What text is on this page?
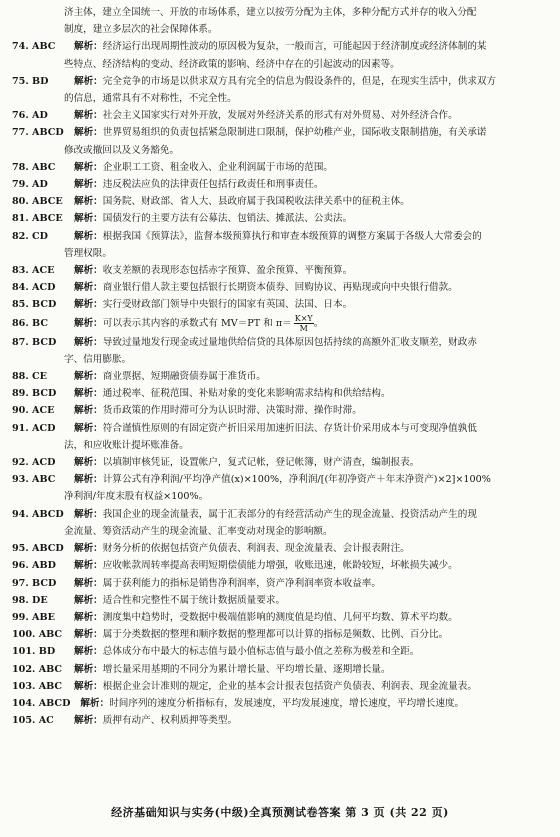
济主体，建立全国统一、开放的市场体系，建立以按劳分配为主体，多种分配方式并存的收入分配
制度，建立多层次的社会保障体系。
74. ABC 解析：经济运行出现周期性波动的原因极为复杂，一般而言，可能起因于经济制度或经济体制的某
些特点、经济结构的变动、经济政策的影响、经济中存在的引起波动的因素等。
75. BD	解析：完全竞争的市场是以供求双方具有完全的信息为假设条件的，但是，在现实生活中，供求双方
的信息，通常具有不对称性，不完全性。
76. AD	解析：社会主义国家实行对外开放，发展对外经济关系的形式有对外贸易、对外经济合作。
77. ABCD 解析：世界贸易组织的负责包括紧急限制进口限制，保护幼稚产业，国际收支限制措施，有关承诺
修改或撤回以及义务豁免。
78. ABC 解析：企业职工工资、租金收入、企业利润属于市场的范围。
79. AD	解析：违反税法应负的法律责任包括行政责任和刑事责任。
80. ABCE 解析：国务院、财政部、省人大、县政府属于我国税收法律关系中的征税主体。
81. ABCE 解析：国债发行的主要方法有公募法、包销法、摊派法、公卖法。
82. CD	解析：根据我国《预算法》，监督本级预算执行和审查本级预算的调整方案属于各级人大常委会的
管理权限。
83. ACE 解析：收支差额的表现形态包括赤字预算、盈余预算、平衡预算。
84. ACD 解析：商业银行借人款主要包括银行长期资本债券、回购协议、再贴现或向中央银行借款。
85. BCD 解析：实行受财政部门领导中央银行的国家有英国、法国、日本。
86. BC	解析：可以表示其内容的承数式有 MV＝PT 和 $\pi= \frac{K\times Y}{M}$ 。
87. BCD 解析：导致过量地发行现金或过量地供给信贷的具体原因包括持续的高额外汇收支顺差，财政赤
字、信用膨胀。
88. CE	解析：商业票据、短期融资债券属于准货币。
89. BCD 解析：通过税率、征税范围、补贴对象的变化来影响需求结构和供给结构。
90. ACE 解析：货币政策的作用时滞可分为认识时滞、决策时滞、操作时滞。
91. ACD 解析：符合谨慎性原则的有固定资产折旧采用加速折旧法、存货计价采用成本与可变现净值孰低
法，和应收账计提坏账准备。
92. ACD 解析：以填制审核凭证，设置帐户，复式记帐，登记帐簿，财产清查，编制报表。
93. ABC 解析：计算公式有净利润/平均净产值(x)×100%，净利润/[(年初净资产＋年末净资产)×2]×100%
净利润/年度末股有权益×100%。
94. ABCD 解析：我国企业的现金流量表，属于汇表部分的有经营活动产生的现金流量、投资活动产生的现
金流量、筹资活动产生的现金流量、汇率变动对现金的影响额。
95. ABCD 解析：财务分析的依据包括资产负债表、利润表、现金流量表、会计报表附注。
96. ABD 解析：应收帐款周转率提高表明短期偿债能力增强，收账迅速，帐龄较短，坏帐损失减少。
97. BCD 解析：属于获利能力的指标是销售净利润率，资产净利润率资本收益率。
98. DE	解析：适合性和完整性不属于统计数据质量要求。
99. ABE 解析：测度集中趋势时，受数据中极端值影响的测度值是均值、几何平均数、算术平均数。
100. ABC 解析：属于分类数据的整理和顺序数据的整理都可以计算的指标是频数、比例、百分比。
101. BD 解析：总体成分布中最大的标志值与最小值标志值与最小值之差称为极差和全距。
102. ABC 解析：增长量采用基期的不同分为累计增长量、平均增长量、逐期增长量。
103. ABC 解析：根据企业会计准则的规定，企业的基本会计报表包括资产负债表、利润表、现金流量表。
104. ABCD 解析：时间序列的速度分析指标有，发展速度，平均发展速度，增长速度，平均增长速度。
105. AC 解析：质押有动产、权利质押等类型。
经济基础知识与实务(中级)全真预测试卷答案 第 3 页 (共 22 页)
